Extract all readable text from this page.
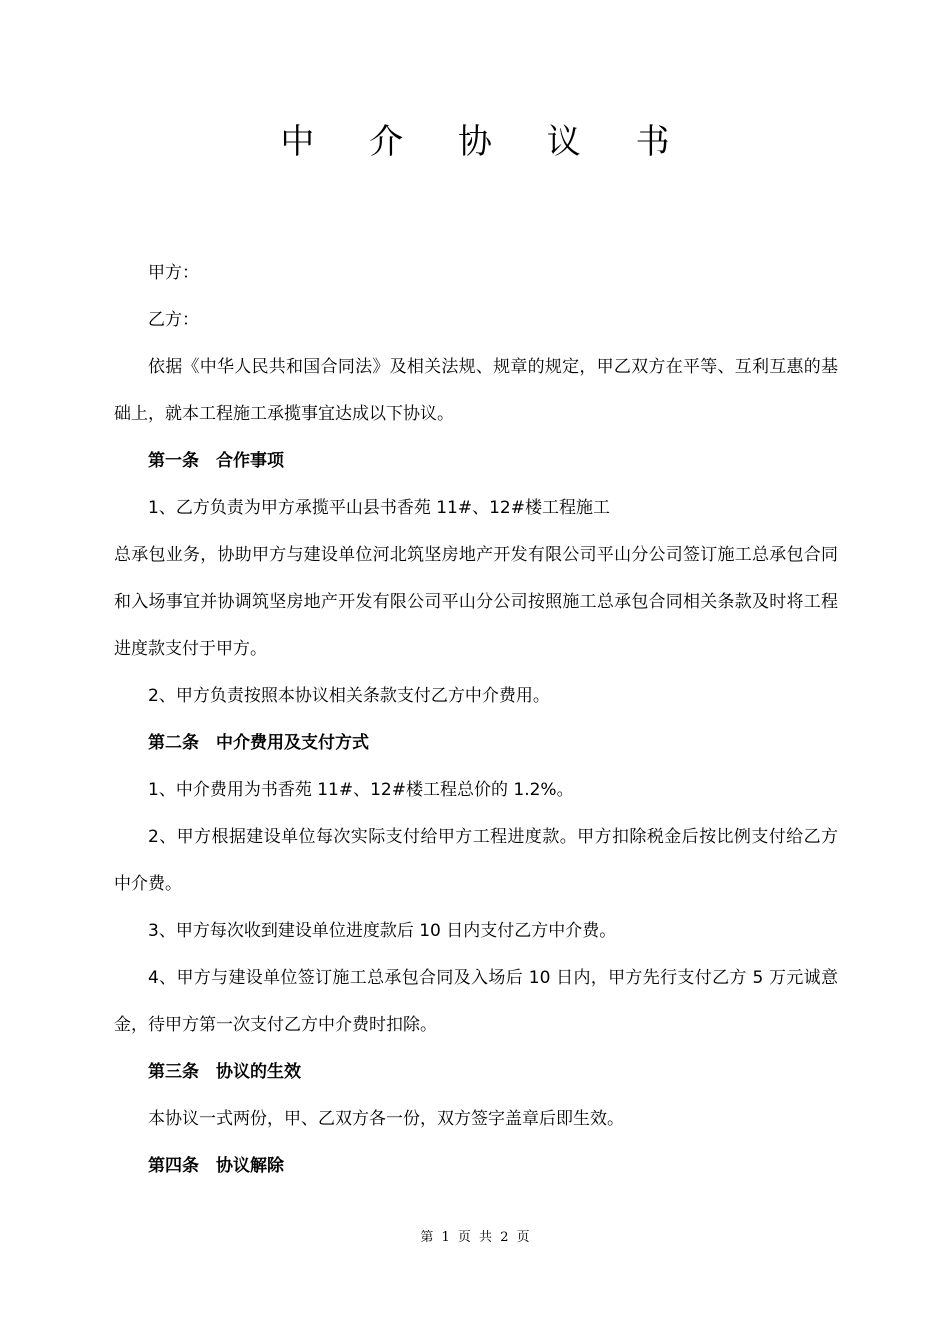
中 介 协 议 书

甲方：

乙方：

依据《中华人民共和国合同法》及相关法规、规章的规定，甲乙双方在平等、互利互惠的基础上，就本工程施工承揽事宜达成以下协议。

第一条　合作事项

1、乙方负责为甲方承揽平山县书香苑 11#、12#楼工程施工

总承包业务，协助甲方与建设单位河北筑坚房地产开发有限公司平山分公司签订施工总承包合同和入场事宜并协调筑坚房地产开发有限公司平山分公司按照施工总承包合同相关条款及时将工程进度款支付于甲方。

2、甲方负责按照本协议相关条款支付乙方中介费用。

第二条　中介费用及支付方式

1、中介费用为书香苑 11#、12#楼工程总价的 1.2%。

2、甲方根据建设单位每次实际支付给甲方工程进度款。甲方扣除税金后按比例支付给乙方中介费。

3、甲方每次收到建设单位进度款后 10 日内支付乙方中介费。

4、甲方与建设单位签订施工总承包合同及入场后 10 日内，甲方先行支付乙方 5 万元诚意金，待甲方第一次支付乙方中介费时扣除。

第三条　协议的生效

本协议一式两份，甲、乙双方各一份，双方签字盖章后即生效。

第四条　协议解除

第 1 页 共 2 页
